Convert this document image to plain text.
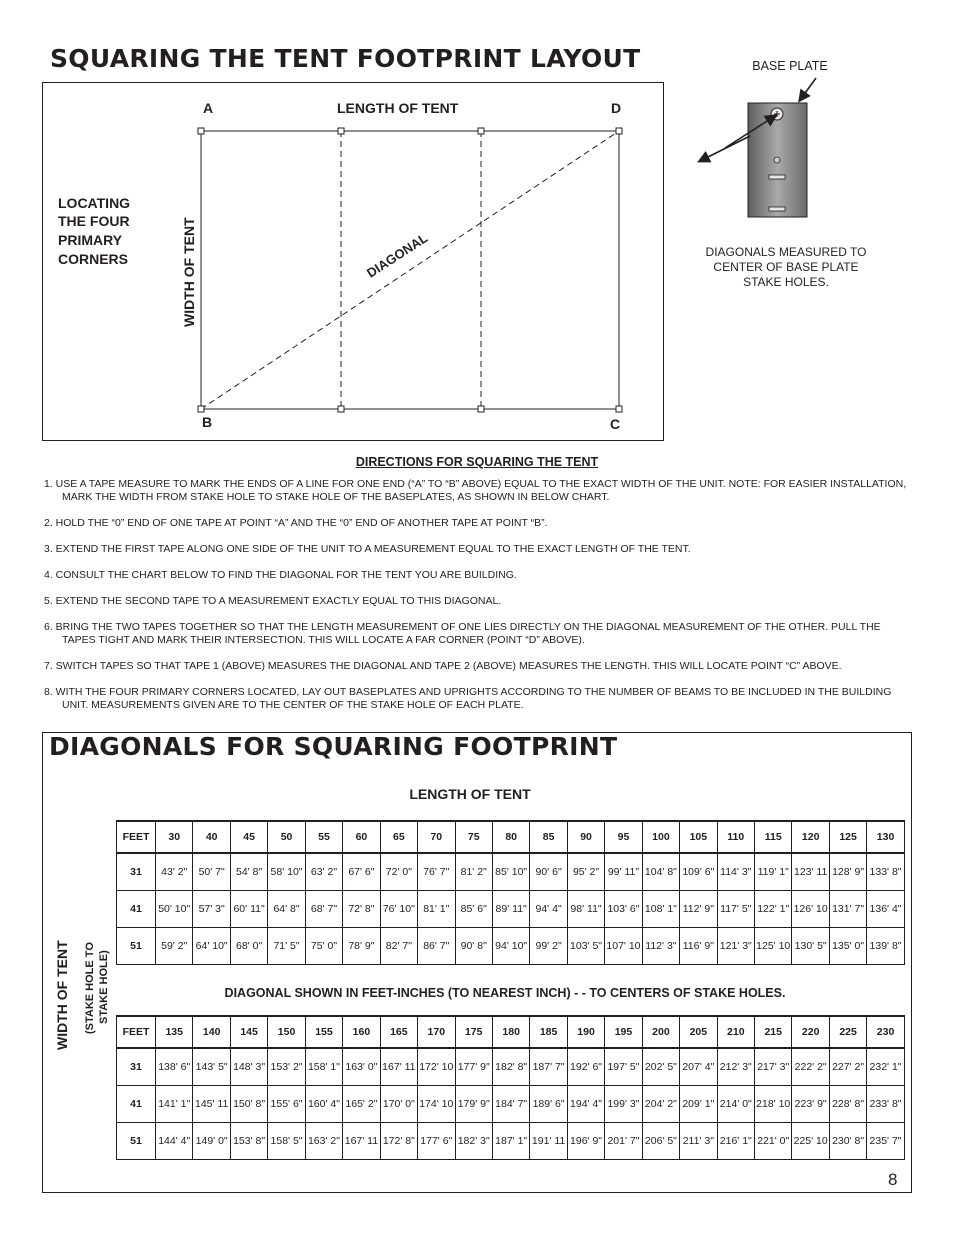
SQUARING THE TENT FOOTPRINT LAYOUT
A	LENGTH OF TENT	D
B	C
LOCATING
THE FOUR
PRIMARY
CORNERS	WIDTH OF TENT	DIAGONAL
BASE PLATE
DIAGONALS MEASURED TO
CENTER OF BASE PLATE
STAKE HOLES.
DIRECTIONS FOR SQUARING THE TENT
1. USE A TAPE MEASURE TO MARK THE ENDS OF A LINE FOR ONE END (“A” TO “B” ABOVE) EQUAL TO THE EXACT WIDTH OF THE UNIT. NOTE: FOR EASIER INSTALLATION, MARK THE WIDTH FROM STAKE HOLE TO STAKE HOLE OF THE BASEPLATES, AS SHOWN IN BELOW CHART.
2. HOLD THE “0” END OF ONE TAPE AT POINT “A” AND THE “0” END OF ANOTHER TAPE AT POINT “B”.
3. EXTEND THE FIRST TAPE ALONG ONE SIDE OF THE UNIT TO A MEASUREMENT EQUAL TO THE EXACT LENGTH OF THE TENT.
4. CONSULT THE CHART BELOW TO FIND THE DIAGONAL FOR THE TENT YOU ARE BUILDING.
5. EXTEND THE SECOND TAPE TO A MEASUREMENT EXACTLY EQUAL TO THIS DIAGONAL.
6. BRING THE TWO TAPES TOGETHER SO THAT THE LENGTH MEASUREMENT OF ONE LIES DIRECTLY ON THE DIAGONAL MEASUREMENT OF THE OTHER. PULL THE TAPES TIGHT AND MARK THEIR INTERSECTION. THIS WILL LOCATE A FAR CORNER (POINT “D” ABOVE).
7. SWITCH TAPES SO THAT TAPE 1 (ABOVE) MEASURES THE DIAGONAL AND TAPE 2 (ABOVE) MEASURES THE LENGTH. THIS WILL LOCATE POINT “C” ABOVE.
8. WITH THE FOUR PRIMARY CORNERS LOCATED, LAY OUT BASEPLATES AND UPRIGHTS ACCORDING TO THE NUMBER OF BEAMS TO BE INCLUDED IN THE BUILDING UNIT. MEASUREMENTS GIVEN ARE TO THE CENTER OF THE STAKE HOLE OF EACH PLATE.
DIAGONALS FOR SQUARING FOOTPRINT
LENGTH OF TENT
WIDTH OF TENT (STAKE HOLE TO STAKE HOLE)
FEET	30	40	45	50	55	60	65	70	75	80	85	90	95	100	105	110	115	120	125	130
31	43' 2"	50' 7"	54' 8"	58' 10"	63' 2"	67' 6"	72' 0"	76' 7"	81' 2"	85' 10"	90' 6"	95' 2"	99' 11"	104' 8"	109' 6"	114' 3"	119' 1"	123' 11	128' 9"	133' 8"
41	50' 10"	57' 3"	60' 11"	64' 8"	68' 7"	72' 8"	76' 10"	81' 1"	85' 6"	89' 11"	94' 4"	98' 11"	103' 6"	108' 1"	112' 9"	117' 5"	122' 1"	126' 10	131' 7"	136' 4"
51	59' 2"	64' 10"	68' 0"	71' 5"	75' 0"	78' 9"	82' 7"	86' 7"	90' 8"	94' 10"	99' 2"	103' 5"	107' 10	112' 3"	116' 9"	121' 3"	125' 10	130' 5"	135' 0"	139' 8"
DIAGONAL SHOWN IN FEET-INCHES (TO NEAREST INCH) - - TO CENTERS OF STAKE HOLES.
FEET	135	140	145	150	155	160	165	170	175	180	185	190	195	200	205	210	215	220	225	230
31	138' 6"	143' 5"	148' 3"	153' 2"	158' 1"	163' 0"	167' 11	172' 10	177' 9"	182' 8"	187' 7"	192' 6"	197' 5"	202' 5"	207' 4"	212' 3"	217' 3"	222' 2"	227' 2"	232' 1"
41	141' 1"	145' 11	150' 8"	155' 6"	160' 4"	165' 2"	170' 0"	174' 10	179' 9"	184' 7"	189' 6"	194' 4"	199' 3"	204' 2"	209' 1"	214' 0"	218' 10	223' 9"	228' 8"	233' 8"
51	144' 4"	149' 0"	153' 8"	158' 5"	163' 2"	167' 11	172' 8"	177' 6"	182' 3"	187' 1"	191' 11	196' 9"	201' 7"	206' 5"	211' 3"	216' 1"	221' 0"	225' 10	230' 8"	235' 7"
8
